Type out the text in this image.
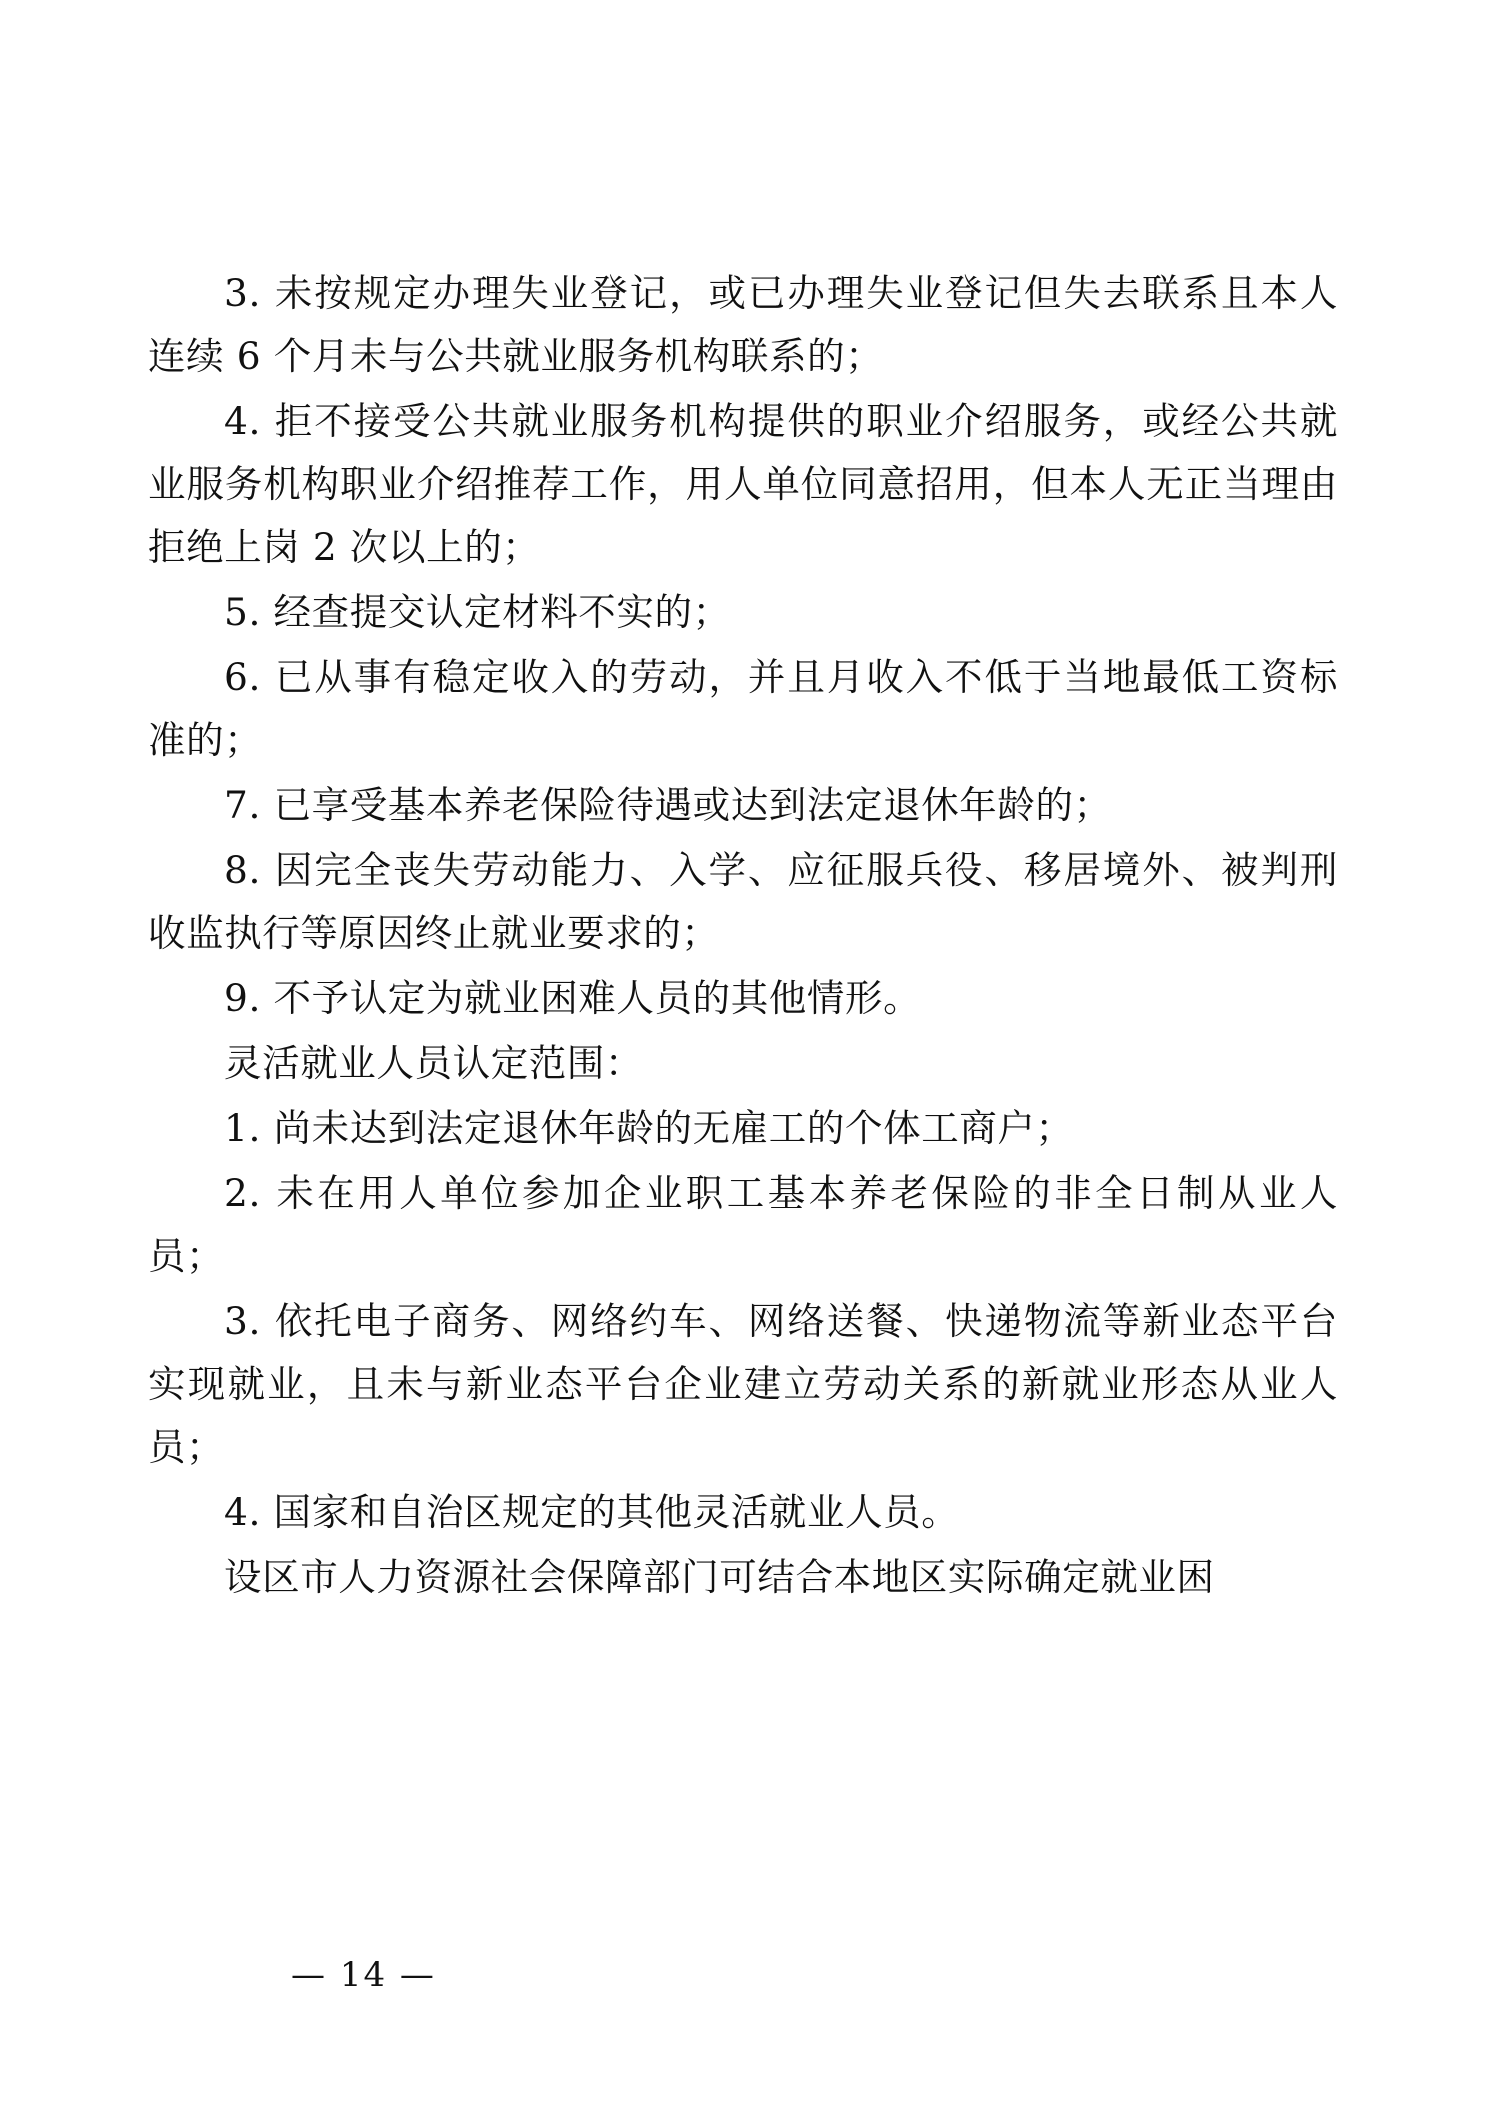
3. 未按规定办理失业登记，或已办理失业登记但失去联系且本人连续 6 个月未与公共就业服务机构联系的；

4. 拒不接受公共就业服务机构提供的职业介绍服务，或经公共就业服务机构职业介绍推荐工作，用人单位同意招用，但本人无正当理由拒绝上岗 2 次以上的；

5. 经查提交认定材料不实的；

6. 已从事有稳定收入的劳动，并且月收入不低于当地最低工资标准的；

7. 已享受基本养老保险待遇或达到法定退休年龄的；

8. 因完全丧失劳动能力、入学、应征服兵役、移居境外、被判刑收监执行等原因终止就业要求的；

9. 不予认定为就业困难人员的其他情形。

灵活就业人员认定范围：

1. 尚未达到法定退休年龄的无雇工的个体工商户；

2. 未在用人单位参加企业职工基本养老保险的非全日制从业人员；

3. 依托电子商务、网络约车、网络送餐、快递物流等新业态平台实现就业，且未与新业态平台企业建立劳动关系的新就业形态从业人员；

4. 国家和自治区规定的其他灵活就业人员。

设区市人力资源社会保障部门可结合本地区实际确定就业困

— 14 —
